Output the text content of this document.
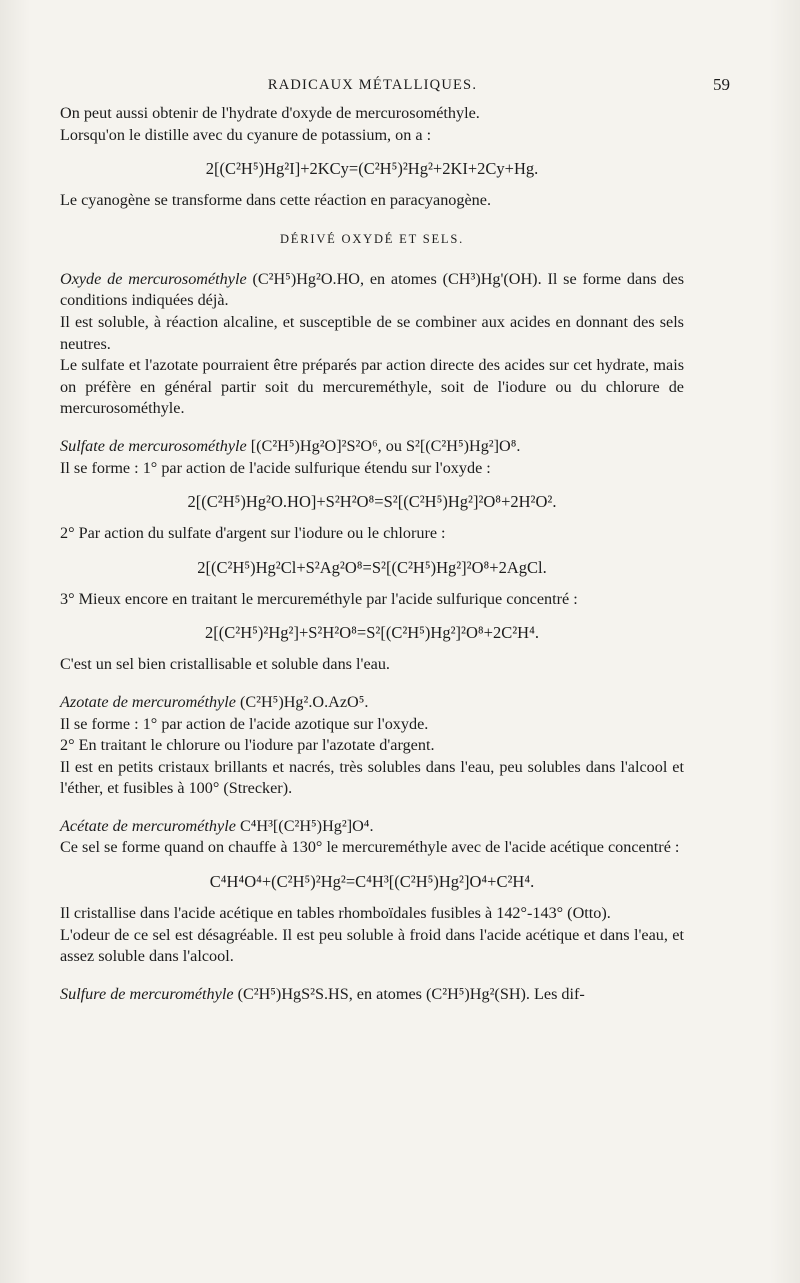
RADICAUX MÉTALLIQUES.	59

On peut aussi obtenir de l'hydrate d'oxyde de mercurosométhyle.

Lorsqu'on le distille avec du cyanure de potassium, on a :

2[(C²H⁵)Hg²I]+2KCy=(C²H⁵)²Hg²+2KI+2Cy+Hg.

Le cyanogène se transforme dans cette réaction en paracyanogène.

DÉRIVÉ OXYDÉ ET SELS.

Oxyde de mercurosométhyle (C²H⁵)Hg²O.HO, en atomes (CH³)Hg'(OH). Il se forme dans des conditions indiquées déjà.

Il est soluble, à réaction alcaline, et susceptible de se combiner aux acides en donnant des sels neutres.

Le sulfate et l'azotate pourraient être préparés par action directe des acides sur cet hydrate, mais on préfère en général partir soit du mercureméthyle, soit de l'iodure ou du chlorure de mercurosométhyle.

Sulfate de mercurosométhyle [(C²H⁵)Hg²O]²S²O⁶, ou S²[(C²H⁵)Hg²]O⁸.

Il se forme : 1° par action de l'acide sulfurique étendu sur l'oxyde :

2[(C²H⁵)Hg²O.HO]+S²H²O⁸=S²[(C²H⁵)Hg²]²O⁸+2H²O².

2° Par action du sulfate d'argent sur l'iodure ou le chlorure :

2[(C²H⁵)Hg²Cl+S²Ag²O⁸=S²[(C²H⁵)Hg²]²O⁸+2AgCl.

3° Mieux encore en traitant le mercureméthyle par l'acide sulfurique concentré :

2[(C²H⁵)²Hg²]+S²H²O⁸=S²[(C²H⁵)Hg²]²O⁸+2C²H⁴.

C'est un sel bien cristallisable et soluble dans l'eau.

Azotate de mercurométhyle (C²H⁵)Hg².O.AzO⁵.

Il se forme : 1° par action de l'acide azotique sur l'oxyde.

2° En traitant le chlorure ou l'iodure par l'azotate d'argent.

Il est en petits cristaux brillants et nacrés, très solubles dans l'eau, peu solubles dans l'alcool et l'éther, et fusibles à 100° (Strecker).

Acétate de mercurométhyle C⁴H³[(C²H⁵)Hg²]O⁴.

Ce sel se forme quand on chauffe à 130° le mercureméthyle avec de l'acide acétique concentré :

C⁴H⁴O⁴+(C²H⁵)²Hg²=C⁴H³[(C²H⁵)Hg²]O⁴+C²H⁴.

Il cristallise dans l'acide acétique en tables rhomboïdales fusibles à 142°-143° (Otto).

L'odeur de ce sel est désagréable. Il est peu soluble à froid dans l'acide acétique et dans l'eau, et assez soluble dans l'alcool.

Sulfure de mercurométhyle (C²H⁵)HgS²S.HS, en atomes (C²H⁵)Hg²(SH). Les dif-
